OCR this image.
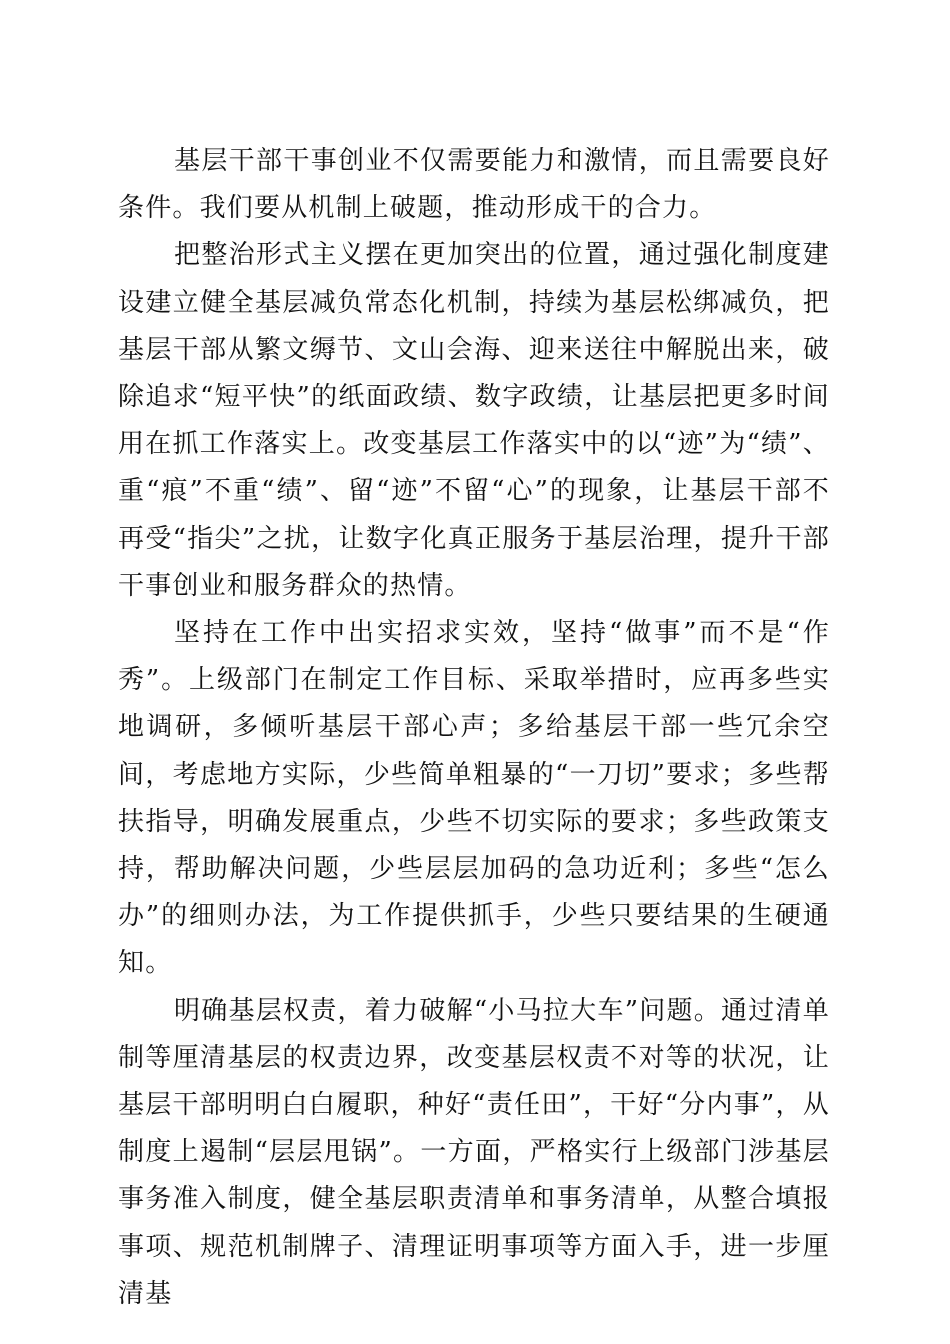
基层干部干事创业不仅需要能力和激情，而且需要良好条件。我们要从机制上破题，推动形成干的合力。

把整治形式主义摆在更加突出的位置，通过强化制度建设建立健全基层减负常态化机制，持续为基层松绑减负，把基层干部从繁文缛节、文山会海、迎来送往中解脱出来，破除追求“短平快”的纸面政绩、数字政绩，让基层把更多时间用在抓工作落实上。改变基层工作落实中的以“迹”为“绩”、重“痕”不重“绩”、留“迹”不留“心”的现象，让基层干部不再受“指尖”之扰，让数字化真正服务于基层治理，提升干部干事创业和服务群众的热情。

坚持在工作中出实招求实效，坚持“做事”而不是“作秀”。上级部门在制定工作目标、采取举措时，应再多些实地调研，多倾听基层干部心声；多给基层干部一些冗余空间，考虑地方实际，少些简单粗暴的“一刀切”要求；多些帮扶指导，明确发展重点，少些不切实际的要求；多些政策支持，帮助解决问题，少些层层加码的急功近利；多些“怎么办”的细则办法，为工作提供抓手，少些只要结果的生硬通知。

明确基层权责，着力破解“小马拉大车”问题。通过清单制等厘清基层的权责边界，改变基层权责不对等的状况，让基层干部明明白白履职，种好“责任田”，干好“分内事”，从制度上遏制“层层甩锅”。一方面，严格实行上级部门涉基层事务准入制度，健全基层职责清单和事务清单，从整合填报事项、规范机制牌子、清理证明事项等方面入手，进一步厘清基
